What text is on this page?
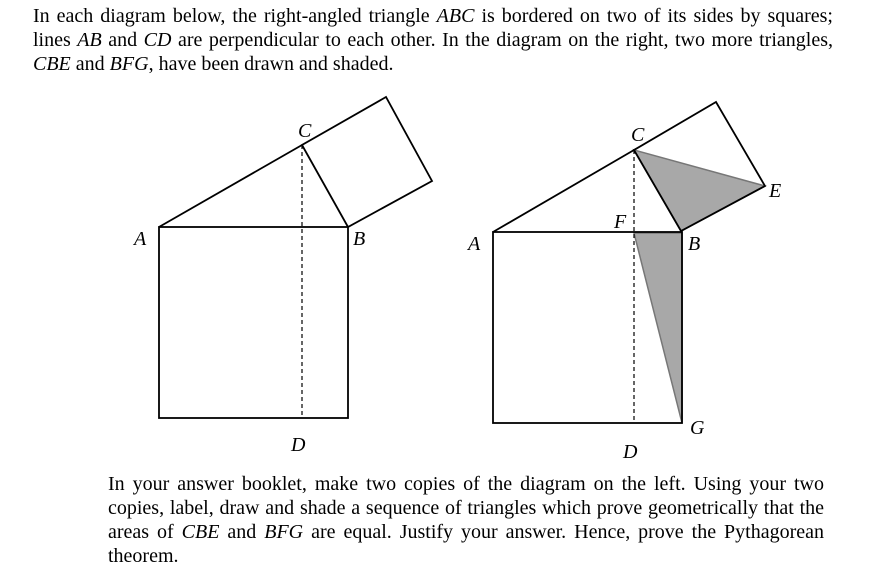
In each diagram below, the right-angled triangle ABC is bordered on two of its sides by squares; lines AB and CD are perpendicular to each other. In the diagram on the right, two more triangles, CBE and BFG, have been drawn and shaded.

A	B
C
D
A	B
C
D
E
F
G

In your answer booklet, make two copies of the diagram on the left. Using your two copies, label, draw and shade a sequence of triangles which prove geometrically that the areas of CBE and BFG are equal. Justify your answer. Hence, prove the Pythagorean theorem.
